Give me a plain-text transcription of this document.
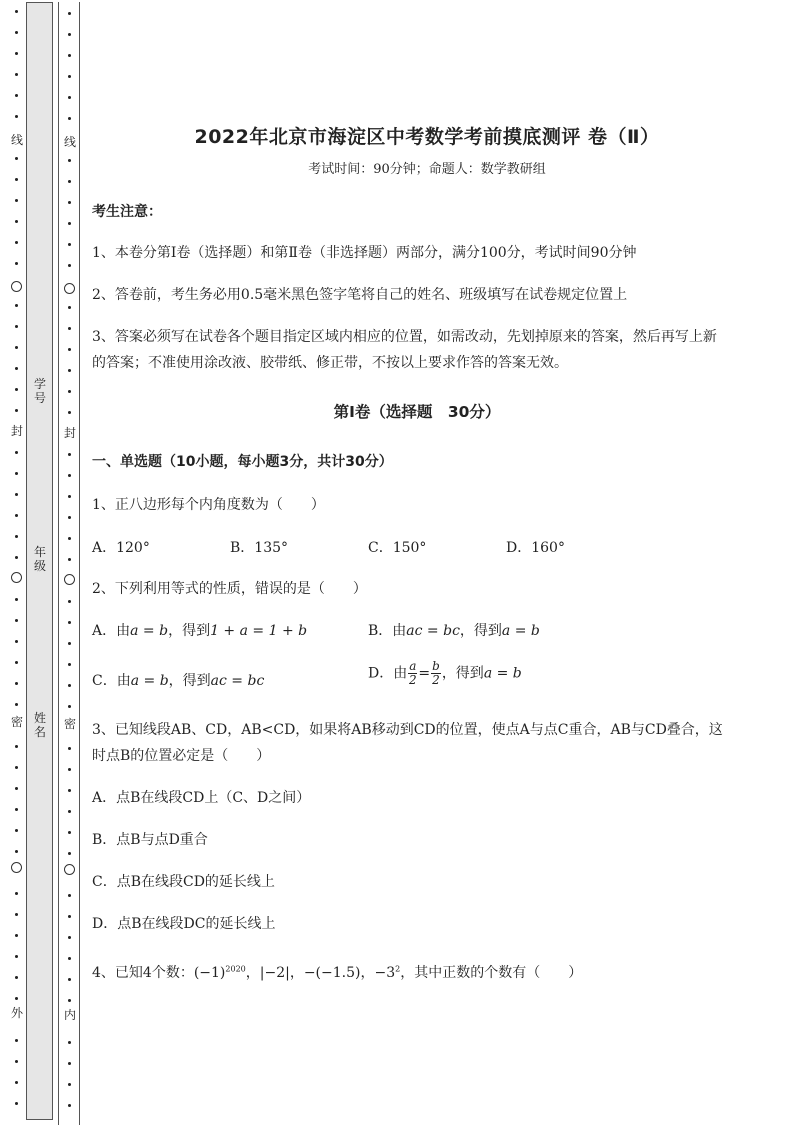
线
封
密
外
学号
年级
姓名
线
封
密
内
2022年北京市海淀区中考数学考前摸底测评 卷（Ⅱ）
考试时间：90分钟；命题人：数学教研组
考生注意：
1、本卷分第I卷（选择题）和第Ⅱ卷（非选择题）两部分，满分100分，考试时间90分钟
2、答卷前，考生务必用0.5毫米黑色签字笔将自己的姓名、班级填写在试卷规定位置上
3、答案必须写在试卷各个题目指定区域内相应的位置，如需改动，先划掉原来的答案，然后再写上新
的答案；不准使用涂改液、胶带纸、修正带，不按以上要求作答的答案无效。
第I卷（选择题　30分）
一、单选题（10小题，每小题3分，共计30分）
1、正八边形每个内角度数为（　　）
A．120°	B．135°	C．150°	D．160°
2、下列利用等式的性质，错误的是（　　）
A．由a = b，得到1 + a = 1 + b	B．由ac = bc，得到a = b
C．由a = b，得到ac = bc	D．由 $\frac{a}{2} = \frac{b}{2}$ ，得到a = b
3、已知线段AB、CD，AB<CD，如果将AB移动到CD的位置，使点A与点C重合，AB与CD叠合，这
时点B的位置必定是（　　）
A．点B在线段CD上（C、D之间）
B．点B与点D重合
C．点B在线段CD的延长线上
D．点B在线段DC的延长线上
4、已知4个数：$(-1)^{2020}$，|−2|，−(−1.5)，$-3^2$，其中正数的个数有（　　）
